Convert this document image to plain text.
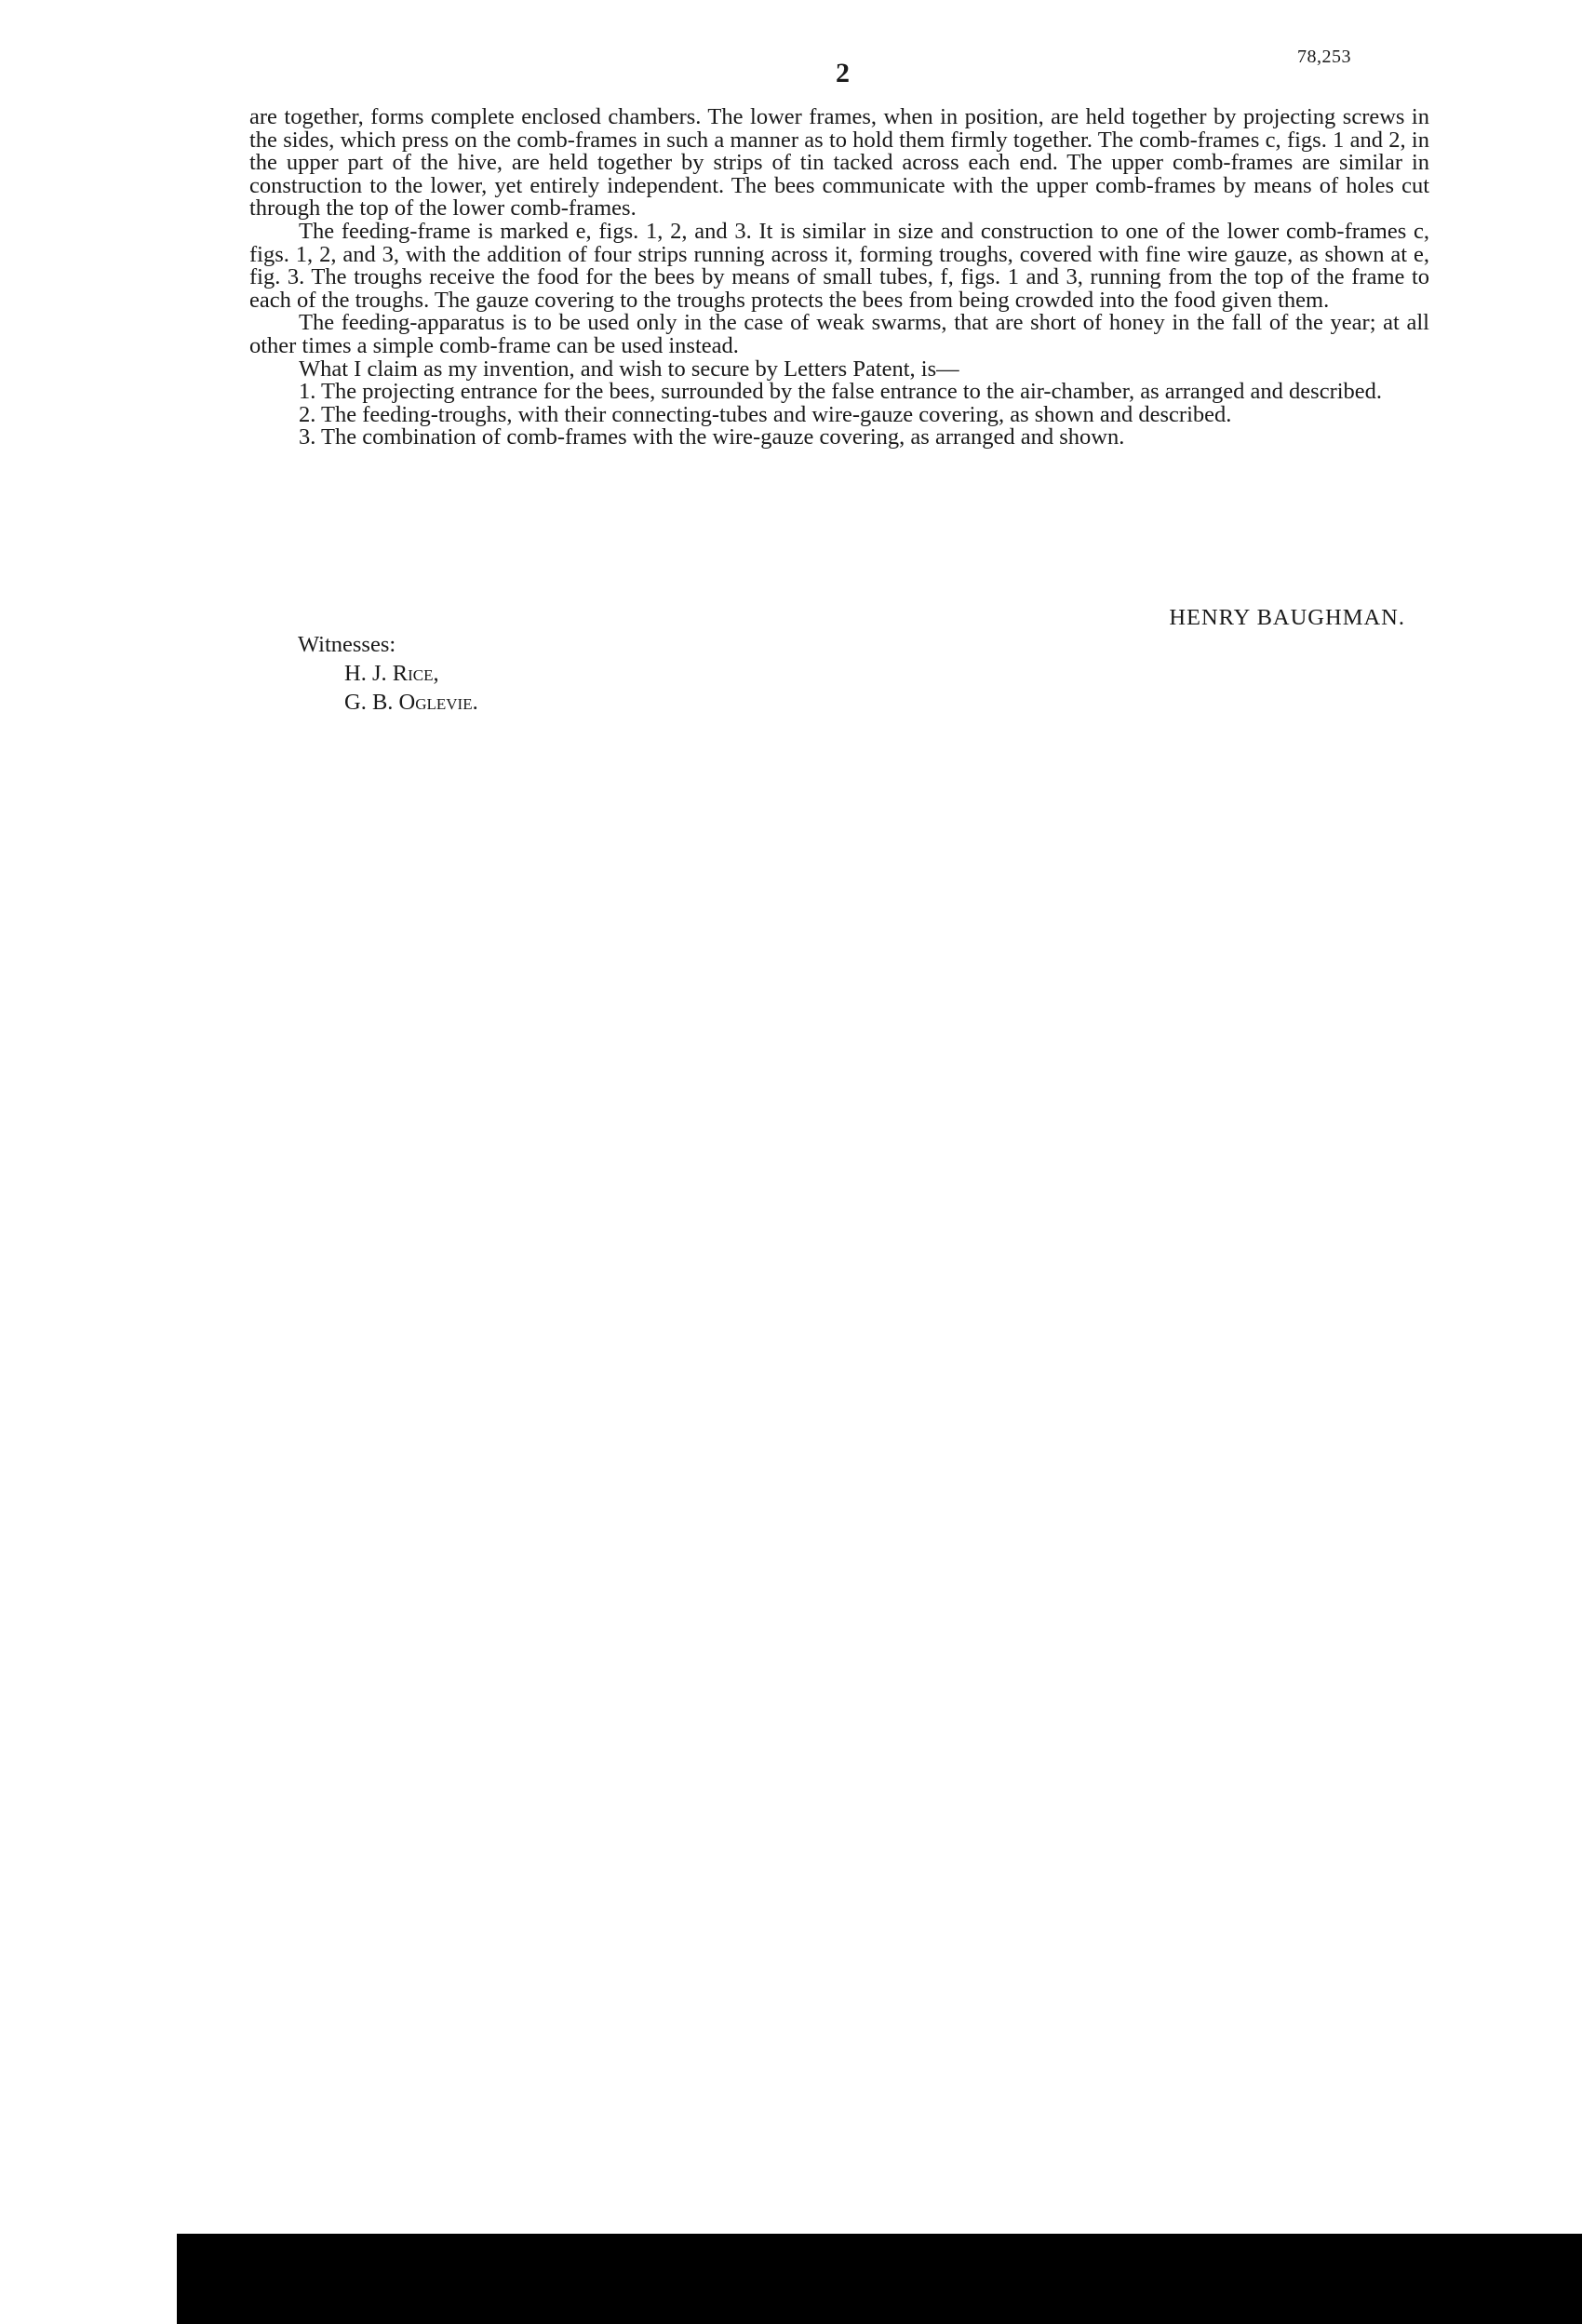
2
78,253

are together, forms complete enclosed chambers. The lower frames, when in position, are held together by projecting screws in the sides, which press on the comb-frames in such a manner as to hold them firmly together. The comb-frames c, figs. 1 and 2, in the upper part of the hive, are held together by strips of tin tacked across each end. The upper comb-frames are similar in construction to the lower, yet entirely independent. The bees communicate with the upper comb-frames by means of holes cut through the top of the lower comb-frames.

The feeding-frame is marked e, figs. 1, 2, and 3. It is similar in size and construction to one of the lower comb-frames c, figs. 1, 2, and 3, with the addition of four strips running across it, forming troughs, covered with fine wire gauze, as shown at e, fig. 3. The troughs receive the food for the bees by means of small tubes, f, figs. 1 and 3, running from the top of the frame to each of the troughs. The gauze covering to the troughs protects the bees from being crowded into the food given them.

The feeding-apparatus is to be used only in the case of weak swarms, that are short of honey in the fall of the year; at all other times a simple comb-frame can be used instead.

What I claim as my invention, and wish to secure by Letters Patent, is—

1. The projecting entrance for the bees, surrounded by the false entrance to the air-chamber, as arranged and described.

2. The feeding-troughs, with their connecting-tubes and wire-gauze covering, as shown and described.

3. The combination of comb-frames with the wire-gauze covering, as arranged and shown.

HENRY BAUGHMAN.
Witnesses:
H. J. Rice,
G. B. Oglevie.
